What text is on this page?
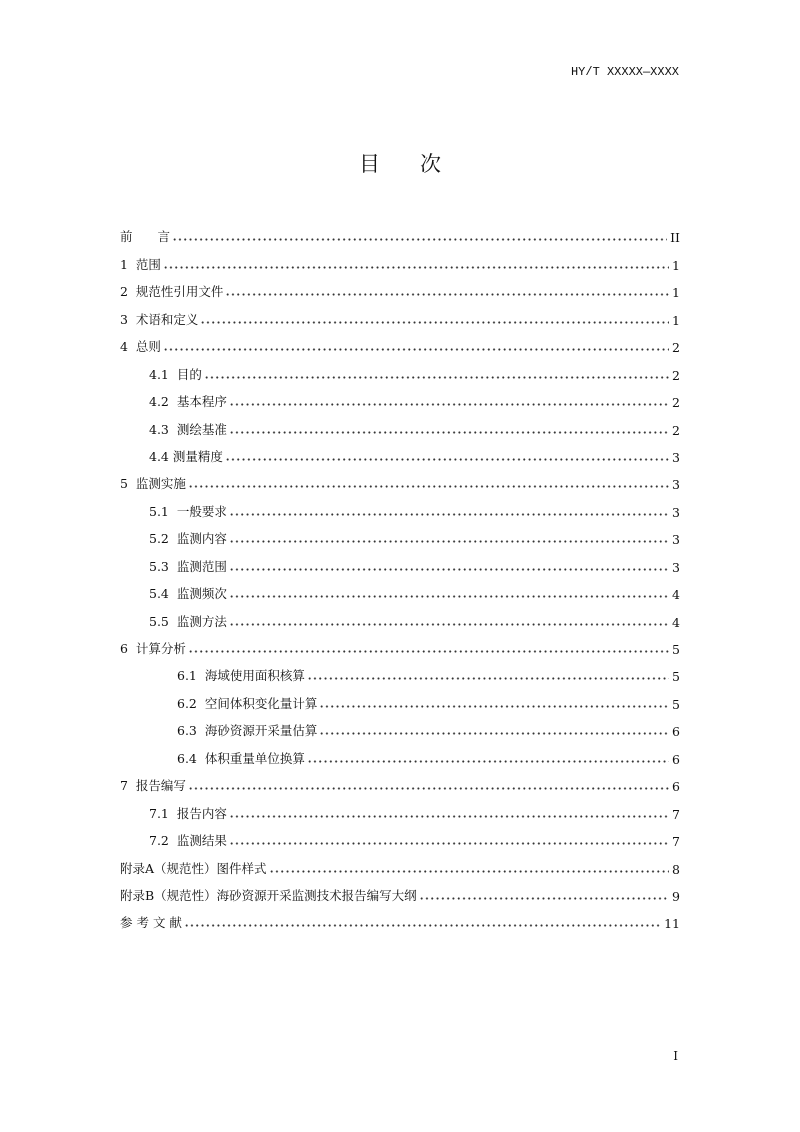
HY/T XXXXX—XXXX
目次
前　　言	II
1  范围	1
2  规范性引用文件	1
3  术语和定义	1
4  总则	2
4.1  目的	2
4.2  基本程序	2
4.3  测绘基准	2
4.4 测量精度	3
5  监测实施	3
5.1  一般要求	3
5.2  监测内容	3
5.3  监测范围	3
5.4  监测频次	4
5.5  监测方法	4
6  计算分析	5
6.1  海域使用面积核算	5
6.2  空间体积变化量计算	5
6.3  海砂资源开采量估算	6
6.4  体积重量单位换算	6
7  报告编写	6
7.1  报告内容	7
7.2  监测结果	7
附录A（规范性）图件样式	8
附录B（规范性）海砂资源开采监测技术报告编写大纲	9
参 考 文 献	11
I
